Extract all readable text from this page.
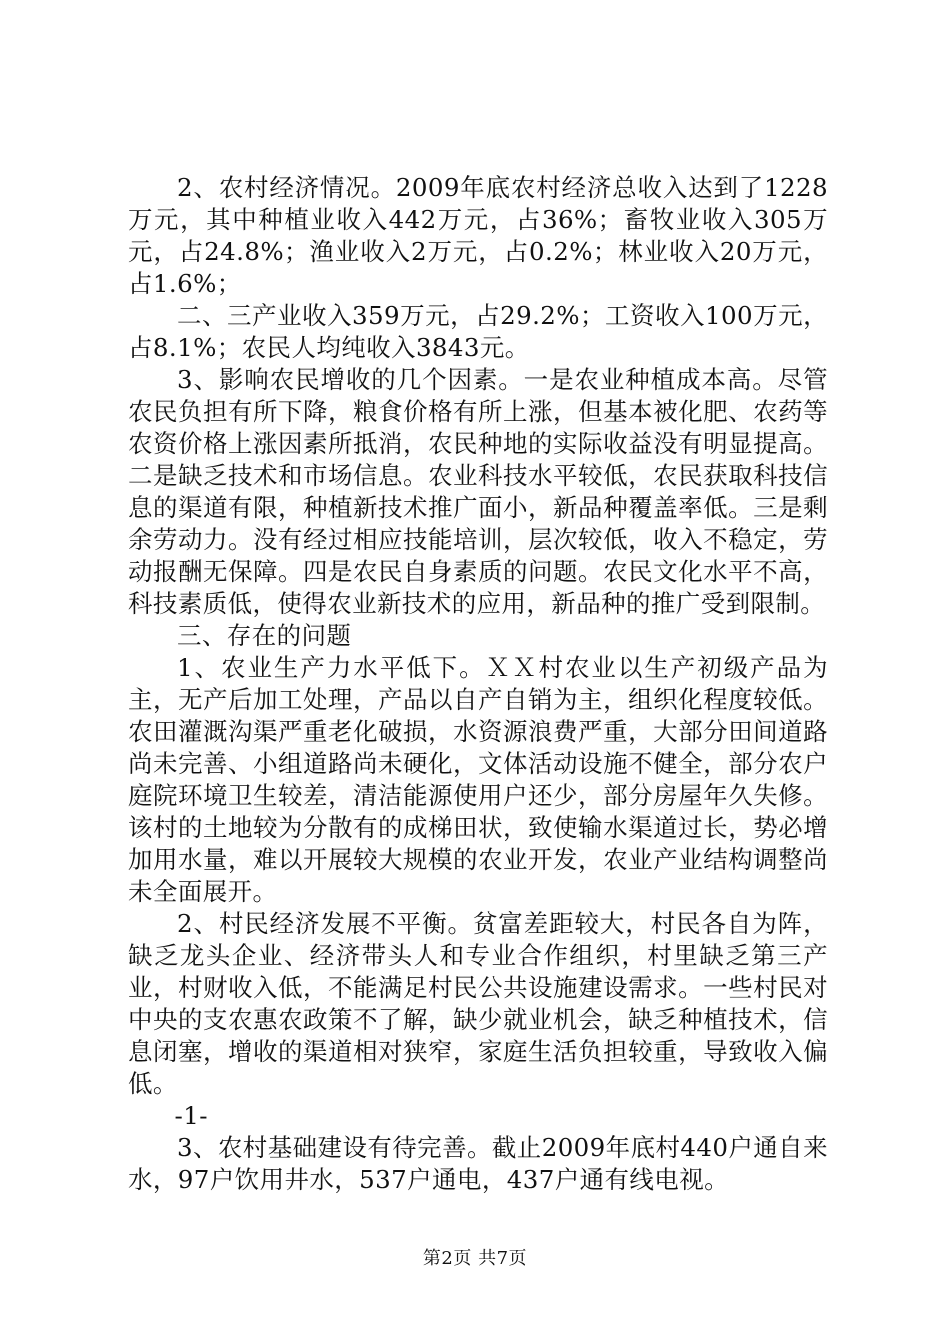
2、农村经济情况。2009年底农村经济总收入达到了1228万元，其中种植业收入442万元，占36%；畜牧业收入305万元，占24.8%；渔业收入2万元，占0.2%；林业收入20万元，占1.6%；

二、三产业收入359万元，占29.2%；工资收入100万元，占8.1%；农民人均纯收入3843元。

3、影响农民增收的几个因素。一是农业种植成本高。尽管农民负担有所下降，粮食价格有所上涨，但基本被化肥、农药等农资价格上涨因素所抵消，农民种地的实际收益没有明显提高。二是缺乏技术和市场信息。农业科技水平较低，农民获取科技信息的渠道有限，种植新技术推广面小，新品种覆盖率低。三是剩余劳动力。没有经过相应技能培训，层次较低，收入不稳定，劳动报酬无保障。四是农民自身素质的问题。农民文化水平不高，科技素质低，使得农业新技术的应用，新品种的推广受到限制。

三、存在的问题

1、农业生产力水平低下。ＸＸ村农业以生产初级产品为主，无产后加工处理，产品以自产自销为主，组织化程度较低。农田灌溉沟渠严重老化破损，水资源浪费严重，大部分田间道路尚未完善、小组道路尚未硬化，文体活动设施不健全，部分农户庭院环境卫生较差，清洁能源使用户还少，部分房屋年久失修。该村的土地较为分散有的成梯田状，致使输水渠道过长，势必增加用水量，难以开展较大规模的农业开发，农业产业结构调整尚未全面展开。

2、村民经济发展不平衡。贫富差距较大，村民各自为阵，缺乏龙头企业、经济带头人和专业合作组织，村里缺乏第三产业，村财收入低，不能满足村民公共设施建设需求。一些村民对中央的支农惠农政策不了解，缺少就业机会，缺乏种植技术，信息闭塞，增收的渠道相对狭窄，家庭生活负担较重，导致收入偏低。

-1-

3、农村基础建设有待完善。截止2009年底村440户通自来水，97户饮用井水，537户通电，437户通有线电视。

第2页 共7页
